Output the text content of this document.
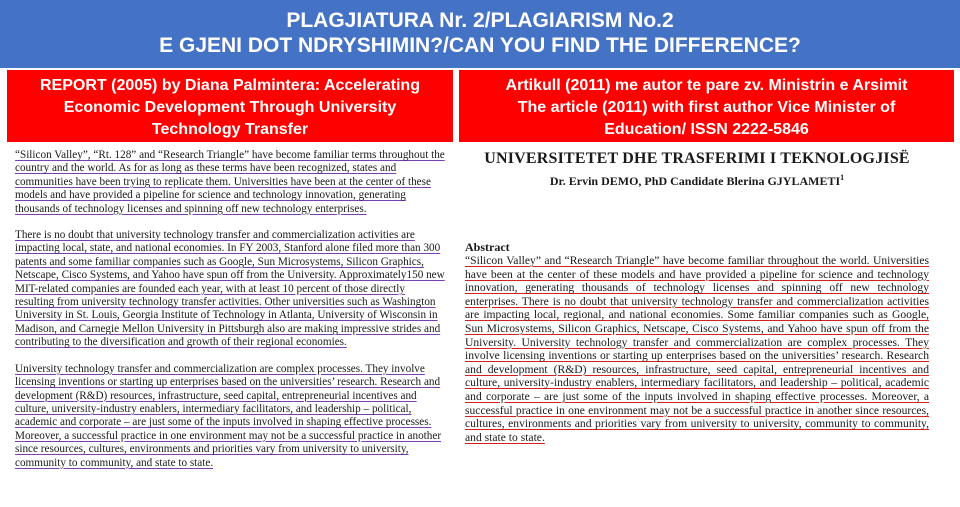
PLAGJIATURA Nr. 2/PLAGIARISM No.2
E GJENI DOT NDRYSHIMIN?/CAN YOU FIND THE DIFFERENCE?
REPORT (2005) by Diana Palmintera: Accelerating
Economic Development Through University
Technology Transfer
Artikull (2011) me autor te pare zv. Ministrin e Arsimit
The article (2011) with first author Vice Minister of
Education/ ISSN 2222-5846

“Silicon Valley”, “Rt. 128” and “Research Triangle” have become familiar terms throughout the country and the world. As for as long as these terms have been recognized, states and communities have been trying to replicate them. Universities have been at the center of these models and have provided a pipeline for science and technology innovation, generating thousands of technology licenses and spinning off new technology enterprises.

There is no doubt that university technology transfer and commercialization activities are impacting local, state, and national economies. In FY 2003, Stanford alone filed more than 300 patents and some familiar companies such as Google, Sun Microsystems, Silicon Graphics, Netscape, Cisco Systems, and Yahoo have spun off from the University. Approximately150 new MIT-related companies are founded each year, with at least 10 percent of those directly resulting from university technology transfer activities. Other universities such as Washington University in St. Louis, Georgia Institute of Technology in Atlanta, University of Wisconsin in Madison, and Carnegie Mellon University in Pittsburgh also are making impressive strides and contributing to the diversification and growth of their regional economies.

University technology transfer and commercialization are complex processes. They involve licensing inventions or starting up enterprises based on the universities’ research. Research and development (R&D) resources, infrastructure, seed capital, entrepreneurial incentives and culture, university-industry enablers, intermediary facilitators, and leadership – political, academic and corporate – are just some of the inputs involved in shaping effective processes. Moreover, a successful practice in one environment may not be a successful practice in another since resources, cultures, environments and priorities vary from university to university, community to community, and state to state.

UNIVERSITETET DHE TRASFERIMI I TEKNOLOGJISË
Dr. Ervin DEMO, PhD Candidate Blerina GJYLAMETI$^1$
Abstract
“Silicon Valley” and “Research Triangle” have become familiar throughout the world. Universities have been at the center of these models and have provided a pipeline for science and technology innovation, generating thousands of technology licenses and spinning off new technology enterprises. There is no doubt that university technology transfer and commercialization activities are impacting local, regional, and national economies. Some familiar companies such as Google, Sun Microsystems, Silicon Graphics, Netscape, Cisco Systems, and Yahoo have spun off from the University. University technology transfer and commercialization are complex processes. They involve licensing inventions or starting up enterprises based on the universities’ research. Research and development (R&D) resources, infrastructure, seed capital, entrepreneurial incentives and culture, university-industry enablers, intermediary facilitators, and leadership – political, academic and corporate – are just some of the inputs involved in shaping effective processes. Moreover, a successful practice in one environment may not be a successful practice in another since resources, cultures, environments and priorities vary from university to university, community to community, and state to state.
